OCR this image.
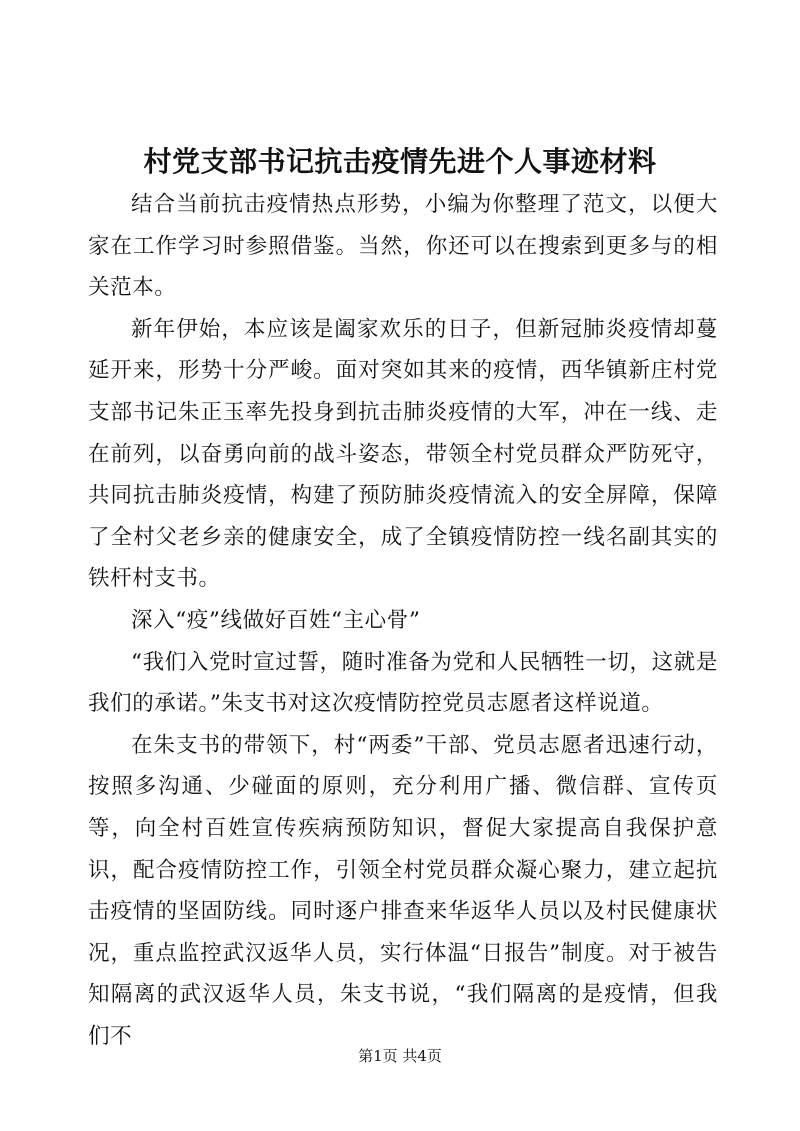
村党支部书记抗击疫情先进个人事迹材料

结合当前抗击疫情热点形势，小编为你整理了范文，以便大家在工作学习时参照借鉴。当然，你还可以在搜索到更多与的相关范本。

新年伊始，本应该是阖家欢乐的日子，但新冠肺炎疫情却蔓延开来，形势十分严峻。面对突如其来的疫情，西华镇新庄村党支部书记朱正玉率先投身到抗击肺炎疫情的大军，冲在一线、走在前列，以奋勇向前的战斗姿态，带领全村党员群众严防死守，共同抗击肺炎疫情，构建了预防肺炎疫情流入的安全屏障，保障了全村父老乡亲的健康安全，成了全镇疫情防控一线名副其实的铁杆村支书。

深入“疫”线做好百姓“主心骨”

“我们入党时宣过誓，随时准备为党和人民牺牲一切，这就是我们的承诺。”朱支书对这次疫情防控党员志愿者这样说道。

在朱支书的带领下，村“两委”干部、党员志愿者迅速行动，按照多沟通、少碰面的原则，充分利用广播、微信群、宣传页等，向全村百姓宣传疾病预防知识，督促大家提高自我保护意识，配合疫情防控工作，引领全村党员群众凝心聚力，建立起抗击疫情的坚固防线。同时逐户排查来华返华人员以及村民健康状况，重点监控武汉返华人员，实行体温“日报告”制度。对于被告知隔离的武汉返华人员，朱支书说，“我们隔离的是疫情，但我们不

第1页 共4页
